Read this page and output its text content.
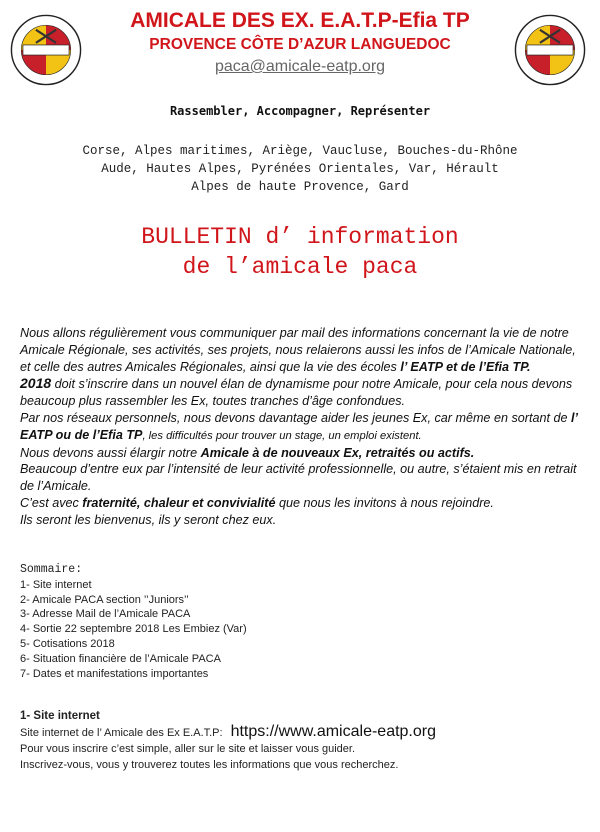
AMICALE DES EX. E.A.T.P-Efia TP
PROVENCE CÔTE D’AZUR LANGUEDOC
paca@amicale-eatp.org
Rassembler, Accompagner, Représenter
Corse, Alpes maritimes, Ariège, Vaucluse, Bouches-du-Rhône
Aude, Hautes Alpes, Pyrénées Orientales, Var, Hérault
Alpes de haute Provence, Gard
BULLETIN d’ information
de l’amicale paca

Nous allons régulièrement vous communiquer par mail des informations concernant la vie de notre Amicale Régionale, ses activités, ses projets, nous relaierons aussi les infos de l’Amicale Nationale, et celle des autres Amicales Régionales, ainsi que la vie des écoles l’ EATP et de l’Efia TP.

2018 doit s’inscrire dans un nouvel élan de dynamisme pour notre Amicale, pour cela nous devons beaucoup plus rassembler les Ex, toutes tranches d’âge confondues.

Par nos réseaux personnels, nous devons davantage aider les jeunes Ex, car même en sortant de l’ EATP ou de l’Efia TP, les difficultés pour trouver un stage, un emploi existent.

Nous devons aussi élargir notre Amicale à de nouveaux Ex, retraités ou actifs.

Beaucoup d’entre eux par l’intensité de leur activité professionnelle, ou autre, s’étaient mis en retrait de l’Amicale.

C’est avec fraternité, chaleur et convivialité que nous les invitons à nous rejoindre.

Ils seront les bienvenus, ils y seront chez eux.

Sommaire:
1- Site internet
2- Amicale PACA section ’’Juniors’’
3- Adresse Mail de l’Amicale PACA
4- Sortie 22 septembre 2018 Les Embiez (Var)
5- Cotisations 2018
6- Situation financière de l’Amicale PACA
7- Dates et manifestations importantes
1- Site internet
Site internet de l’ Amicale des Ex E.A.T.P: https://www.amicale-eatp.org
Pour vous inscrire c’est simple, aller sur le site et laisser vous guider.
Inscrivez-vous, vous y trouverez toutes les informations que vous recherchez.
